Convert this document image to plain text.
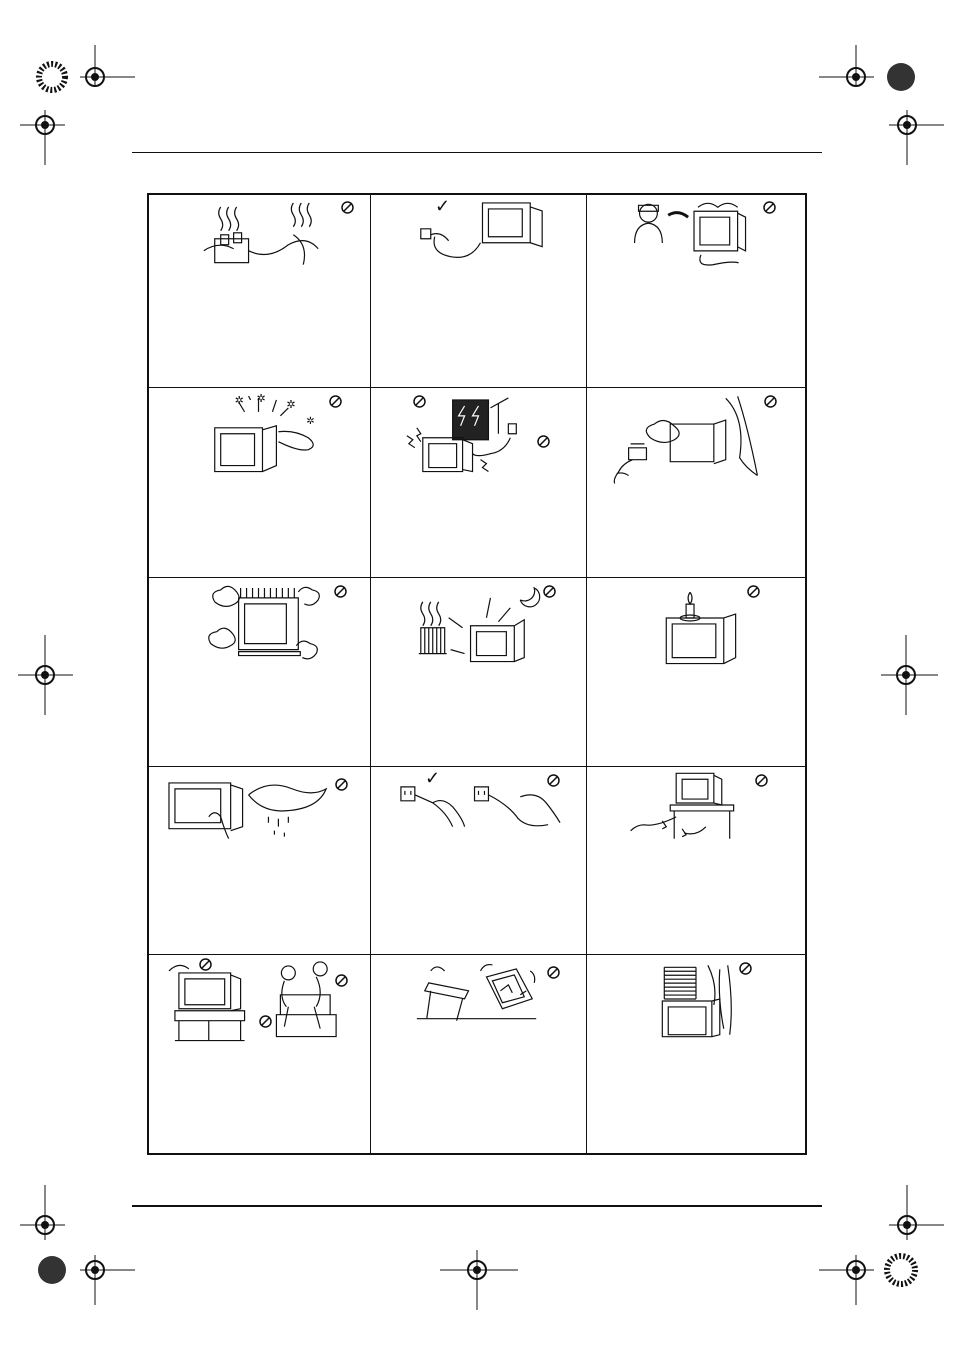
✓
✲ ✲ ✲
✲
✓
